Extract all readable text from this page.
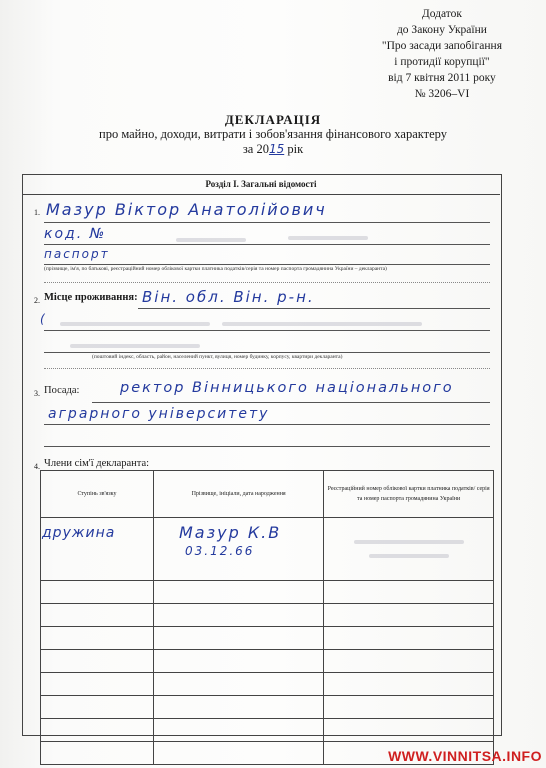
Додаток
до Закону України
"Про засади запобігання
і протидії корупції"
від 7 квітня 2011 року
№ 3206–VI
ДЕКЛАРАЦІЯ
про майно, доходи, витрати і зобов'язання фінансового характеру
за 2015 рік
Розділ I. Загальні відомості
1. Мазур Віктор Анатолійович
код. №
паспорт
(прізвище, ім'я, по батькові, реєстраційний номер облікової картки платника податків/серія та номер паспорта громадянина України – декларанта)
2. Місце проживання: Він. обл. Він. р-н.
(
(поштовий індекс, область, район, населений пункт, вулиця, номер будинку, корпусу, квартири декларанта)
3. Посада:	ректор Вінницького національного
аграрного університету
4. Члени сім'ї декларанта:
Ступінь зв'язку	Прізвище, ініціали, дата народження	Реєстраційний номер облікової картки платника податків/ серія та номер паспорта громадянина України

дружина	Мазур К.В
03.12.66	

WWW.VINNITSA.INFO
